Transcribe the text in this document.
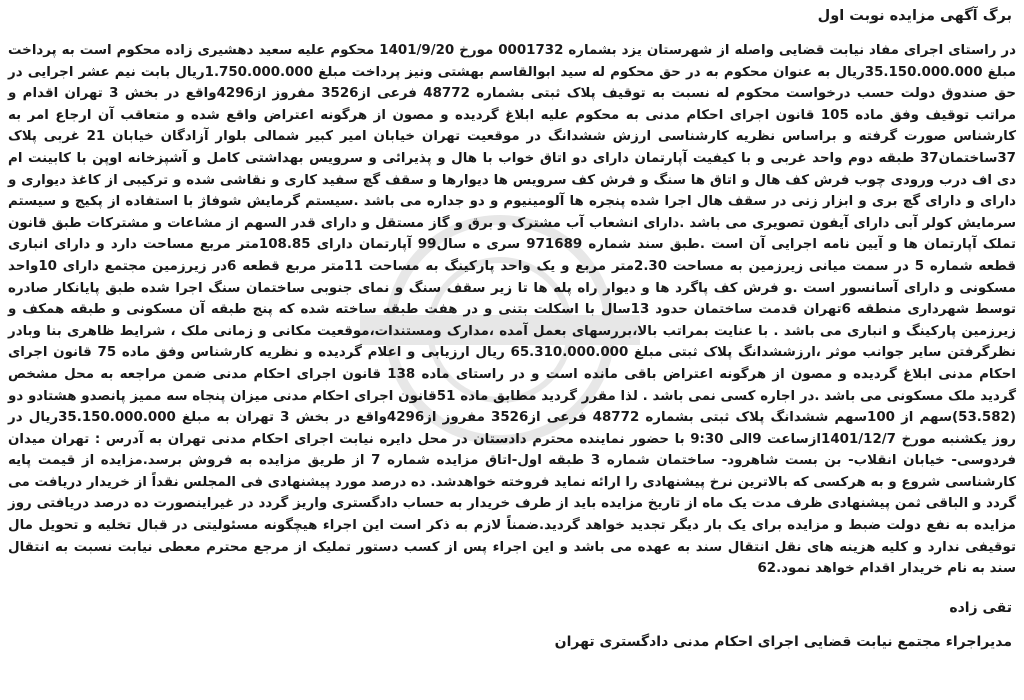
برگ آگهی مزایده نوبت اول

در راستای اجرای مفاد نیابت قضایی واصله از شهرستان یزد بشماره 0001732 مورخ 1401/9/20 محکوم علیه سعید دهشیری زاده محکوم است به پرداخت مبلغ 35.150.000.000ریال به عنوان محکوم به در حق محکوم له سید ابوالقاسم بهشتی ونیز پرداخت مبلغ 1.750.000.000ریال بابت نیم عشر اجرایی در حق صندوق دولت حسب درخواست محکوم له نسبت به توقیف پلاک ثبتی بشماره 48772 فرعی از3526 مفروز از4296واقع در بخش 3 تهران اقدام و مراتب توقیف وفق ماده 105 قانون اجرای احکام مدنی به محکوم علیه ابلاغ گردیده و مصون از هرگونه اعتراض واقع شده و متعاقب آن ارجاع امر به کارشناس صورت گرفته و براساس نظریه کارشناسی ارزش ششدانگ در موقعیت تهران خیابان امیر کبیر شمالی بلوار آزادگان خیابان 21 غربی پلاک 37ساختمان37 طبقه دوم واحد غربی و با کیفیت آپارتمان دارای دو اتاق خواب با هال و پذیرائی و سرویس بهداشتی کامل و آشپزخانه اوپن با کابینت ام دی اف درب ورودی چوب فرش کف هال و اتاق ها سنگ و فرش کف سرویس ها دیوارها و سقف گچ سفید کاری و نقاشی شده و ترکیبی از کاغذ دیواری و دارای و دارای گچ بری و ابزار زنی در سقف هال اجرا شده پنجره ها آلومینیوم و دو جداره می باشد .سیستم گرمایش شوفاژ با استفاده از پکیج و سیستم سرمایش کولر آبی دارای آیفون تصویری می باشد .دارای انشعاب آب مشترک و برق و گاز مستقل و دارای قدر السهم از مشاعات و مشترکات طبق قانون تملک آپارتمان ها و آیین نامه اجرایی آن است .طبق سند شماره 971689 سری ه سال99 آپارتمان دارای 108.85متر مربع مساحت دارد و دارای انباری قطعه شماره 5 در سمت میانی زیرزمین به مساحت 2.30متر مربع و یک واحد پارکینگ به مساحت 11متر مربع قطعه 6در زیرزمین مجتمع دارای 10واحد مسکونی و دارای آسانسور است .و فرش کف پاگرد ها و دیوار راه پله ها تا زیر سقف سنگ و نمای جنوبی ساختمان سنگ اجرا شده طبق پایانکار صادره توسط شهرداری منطقه 6تهران قدمت ساختمان حدود 13سال با اسکلت بتنی و در هفت طبقه ساخته شده که پنج طبقه آن مسکونی و طبقه همکف و زیرزمین پارکینگ و انباری می باشد . با عنایت بمراتب بالا،بررسهای بعمل آمده ،مدارک ومستندات،موقعیت مکانی و زمانی ملک ، شرایط ظاهری بنا وبادر نظرگرفتن سایر جوانب موثر ،ارزششدانگ پلاک ثبتی مبلغ 65.310.000.000 ریال ارزیابی و اعلام گردیده و نظریه کارشناس وفق ماده 75 قانون اجرای احکام مدنی ابلاغ گردیده و مصون از هرگونه اعتراض باقی مانده است و در راستای ماده 138 قانون اجرای احکام مدنی ضمن مراجعه به محل مشخص گردید ملک مسکونی می باشد .در اجاره کسی نمی باشد . لذا مقرر گردید مطابق ماده 51قانون اجرای احکام مدنی میزان پنجاه سه ممیز پانصدو هشتادو دو (53.582)سهم از 100سهم ششدانگ پلاک ثبتی بشماره 48772 فرعی از3526 مفروز از4296واقع در بخش 3 تهران به مبلغ 35.150.000.000ریال در روز یکشنبه مورخ 1401/12/7ازساعت 9الی 9:30 با حضور نماینده محترم دادستان در محل دایره نیابت اجرای احکام مدنی تهران به آدرس : تهران میدان فردوسی- خیابان انقلاب- بن بست شاهرود- ساختمان شماره 3 طبقه اول-اتاق مزایده شماره 7 از طریق مزایده به فروش برسد.مزایده از قیمت پایه کارشناسی شروع و به هرکسی که بالاترین نرخ پیشنهادی را ارائه نماید فروخته خواهدشد. ده درصد مورد پیشنهادی فی المجلس نقداً از خریدار دریافت می گردد و الباقی ثمن پیشنهادی ظرف مدت یک ماه از تاریخ مزایده باید از طرف خریدار به حساب دادگستری واریز گردد در غیراینصورت ده درصد دریافتی روز مزایده به نفع دولت ضبط و مزایده برای یک بار دیگر تجدید خواهد گردید.ضمناً لازم به ذکر است این اجراء هیچگونه مسئولیتی در قبال تخلیه و تحویل مال توقیفی ندارد و کلیه هزینه های نقل انتقال سند به عهده می باشد و این اجراء پس از کسب دستور تملیک از مرجع محترم معطی نیابت نسبت به انتقال سند به نام خریدار اقدام خواهد نمود.62

تقی زاده
مدیراجراء مجتمع نیابت قضایی اجرای احکام مدنی دادگستری تهران
